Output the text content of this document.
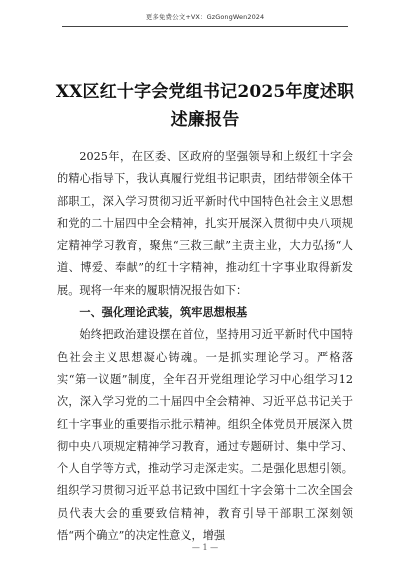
更多免费公文+VX：GzGongWen2024
XX区红十字会党组书记2025年度述职述廉报告

2025年，在区委、区政府的坚强领导和上级红十字会的精心指导下，我认真履行党组书记职责，团结带领全体干部职工，深入学习贯彻习近平新时代中国特色社会主义思想和党的二十届四中全会精神，扎实开展深入贯彻中央八项规定精神学习教育，聚焦“三救三献”主责主业，大力弘扬“人道、博爱、奉献”的红十字精神，推动红十字事业取得新发展。现将一年来的履职情况报告如下：

一、强化理论武装，筑牢思想根基

始终把政治建设摆在首位，坚持用习近平新时代中国特色社会主义思想凝心铸魂。一是抓实理论学习。严格落实“第一议题”制度，全年召开党组理论学习中心组学习12次，深入学习党的二十届四中全会精神、习近平总书记关于红十字事业的重要指示批示精神。组织全体党员开展深入贯彻中央八项规定精神学习教育，通过专题研讨、集中学习、个人自学等方式，推动学习走深走实。二是强化思想引领。组织学习贯彻习近平总书记致中国红十字会第十二次全国会员代表大会的重要致信精神，教育引导干部职工深刻领悟“两个确立”的决定性意义，增强

— 1 —
